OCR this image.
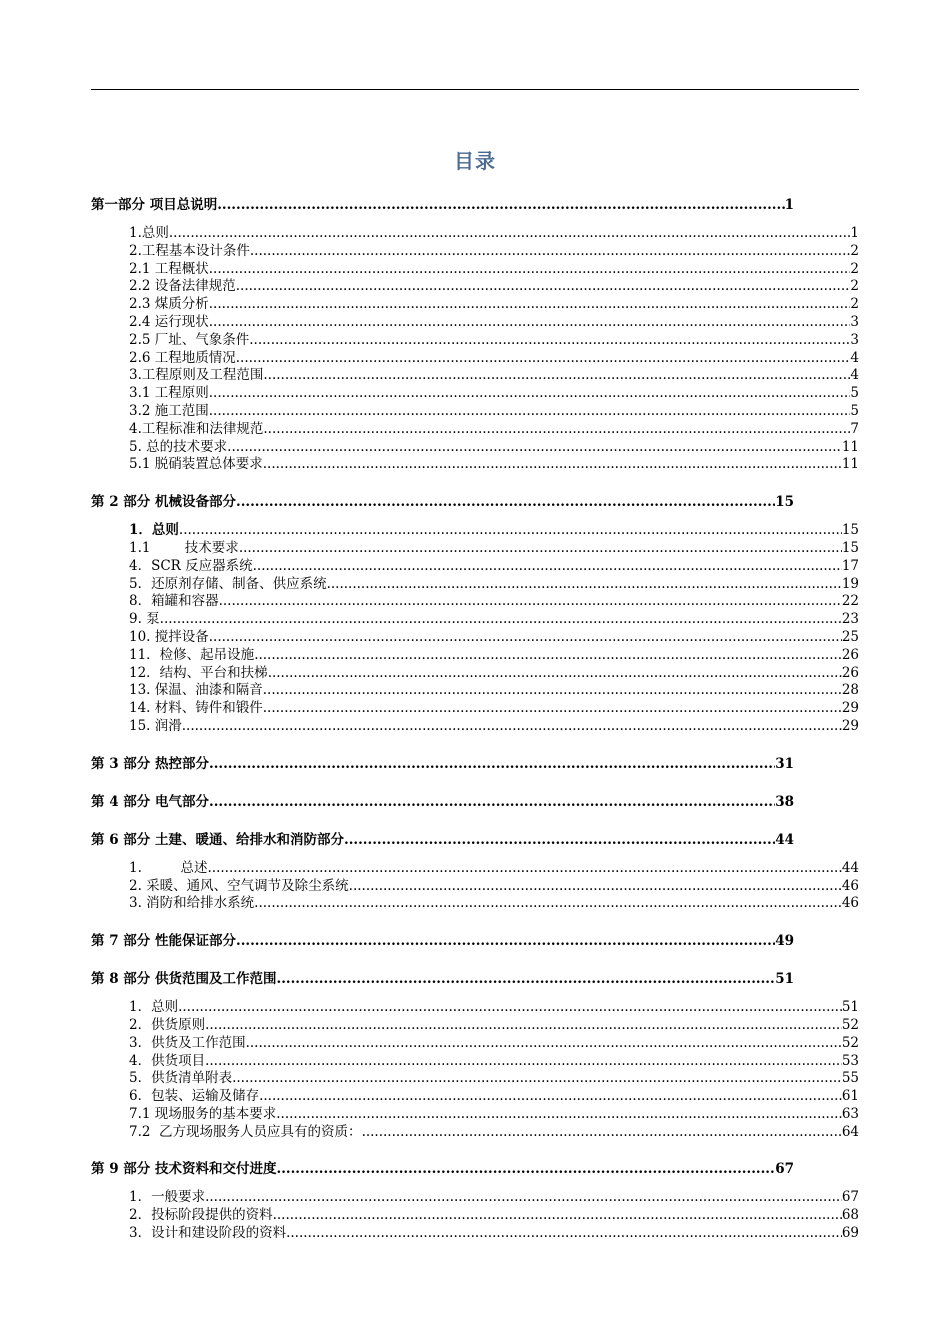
目录
第一部分 项目总说明 .....	1
1.总则 .....	1
2.工程基本设计条件 .....	2
2.1 工程概状 .....	2
2.2 设备法律规范 .....	2
2.3 煤质分析 .....	2
2.4 运行现状 .....	3
2.5 厂址、气象条件 .....	3
2.6 工程地质情况 .....	4
3.工程原则及工程范围 .....	4
3.1 工程原则 .....	5
3.2 施工范围 .....	5
4.工程标准和法律规范 .....	7
5. 总的技术要求 .....	11
5.1 脱硝装置总体要求 .....	11
第 2 部分 机械设备部分 .....	15
1．总则 .....	15
1.1        技术要求 .....	15
4．SCR 反应器系统 .....	17
5．还原剂存储、制备、供应系统 .....	19
8．箱罐和容器 .....	22
9. 泵 .....	23
10. 搅拌设备 .....	25
11．检修、起吊设施 .....	26
12．结构、平台和扶梯 .....	26
13. 保温、油漆和隔音 .....	28
14. 材料、铸件和锻件 .....	29
15. 润滑 .....	29
第 3 部分 热控部分 .....	31
第 4 部分 电气部分 .....	38
第 6 部分 土建、暖通、给排水和消防部分 .....	44
1.         总述 .....	44
2. 采暖、通风、空气调节及除尘系统 .....	46
3. 消防和给排水系统 .....	46
第 7 部分 性能保证部分 .....	49
第 8 部分 供货范围及工作范围 .....	51
1．总则 .....	51
2．供货原则 .....	52
3．供货及工作范围 .....	52
4．供货项目 .....	53
5．供货清单附表 .....	55
6．包装、运输及储存 .....	61
7.1 现场服务的基本要求 .....	63
7.2  乙方现场服务人员应具有的资质： .....	64
第 9 部分 技术资料和交付进度 .....	67
1．一般要求 .....	67
2．投标阶段提供的资料 .....	68
3．设计和建设阶段的资料 .....	69
